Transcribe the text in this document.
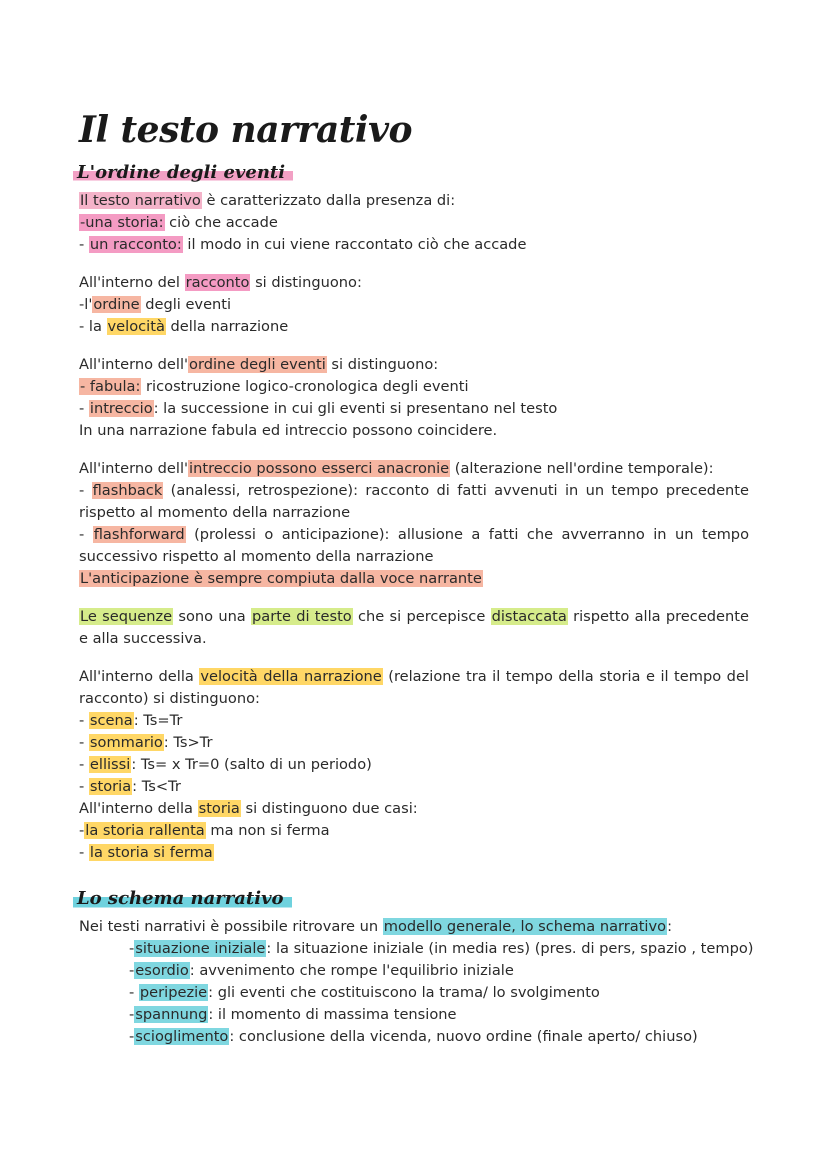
Il testo narrativo
L'ordine degli eventi
Il testo narrativo è caratterizzato dalla presenza di:
-una storia: ciò che accade
- un racconto: il modo in cui viene raccontato ciò che accade
All'interno del racconto si distinguono:
-l'ordine degli eventi
- la velocità della narrazione
All'interno dell'ordine degli eventi si distinguono:
- fabula: ricostruzione logico-cronologica degli eventi
- intreccio: la successione in cui gli eventi si presentano nel testo
In una narrazione fabula ed intreccio possono coincidere.
All'interno dell'intreccio possono esserci anacronie (alterazione nell'ordine temporale):
- flashback (analessi, retrospezione): racconto di fatti avvenuti in un tempo precedente rispetto al momento della narrazione
- flashforward (prolessi o anticipazione): allusione a fatti che avverranno in un tempo successivo rispetto al momento della narrazione
L'anticipazione è sempre compiuta dalla voce narrante
Le sequenze sono una parte di testo che si percepisce distaccata rispetto alla precedente e alla successiva.
All'interno della velocità della narrazione (relazione tra il tempo della storia e il tempo del racconto) si distinguono:
- scena: Ts=Tr
- sommario: Ts>Tr
- ellissi: Ts= x Tr=0 (salto di un periodo)
- storia: Ts<Tr
All'interno della storia si distinguono due casi:
-la storia rallenta ma non si ferma
- la storia si ferma
Lo schema narrativo
Nei testi narrativi è possibile ritrovare un modello generale, lo schema narrativo:
-situazione iniziale: la situazione iniziale (in media res) (pres. di pers, spazio , tempo)
-esordio: avvenimento che rompe l'equilibrio iniziale
- peripezie: gli eventi che costituiscono la trama/ lo svolgimento
-spannung: il momento di massima tensione
-scioglimento: conclusione della vicenda, nuovo ordine (finale aperto/ chiuso)
